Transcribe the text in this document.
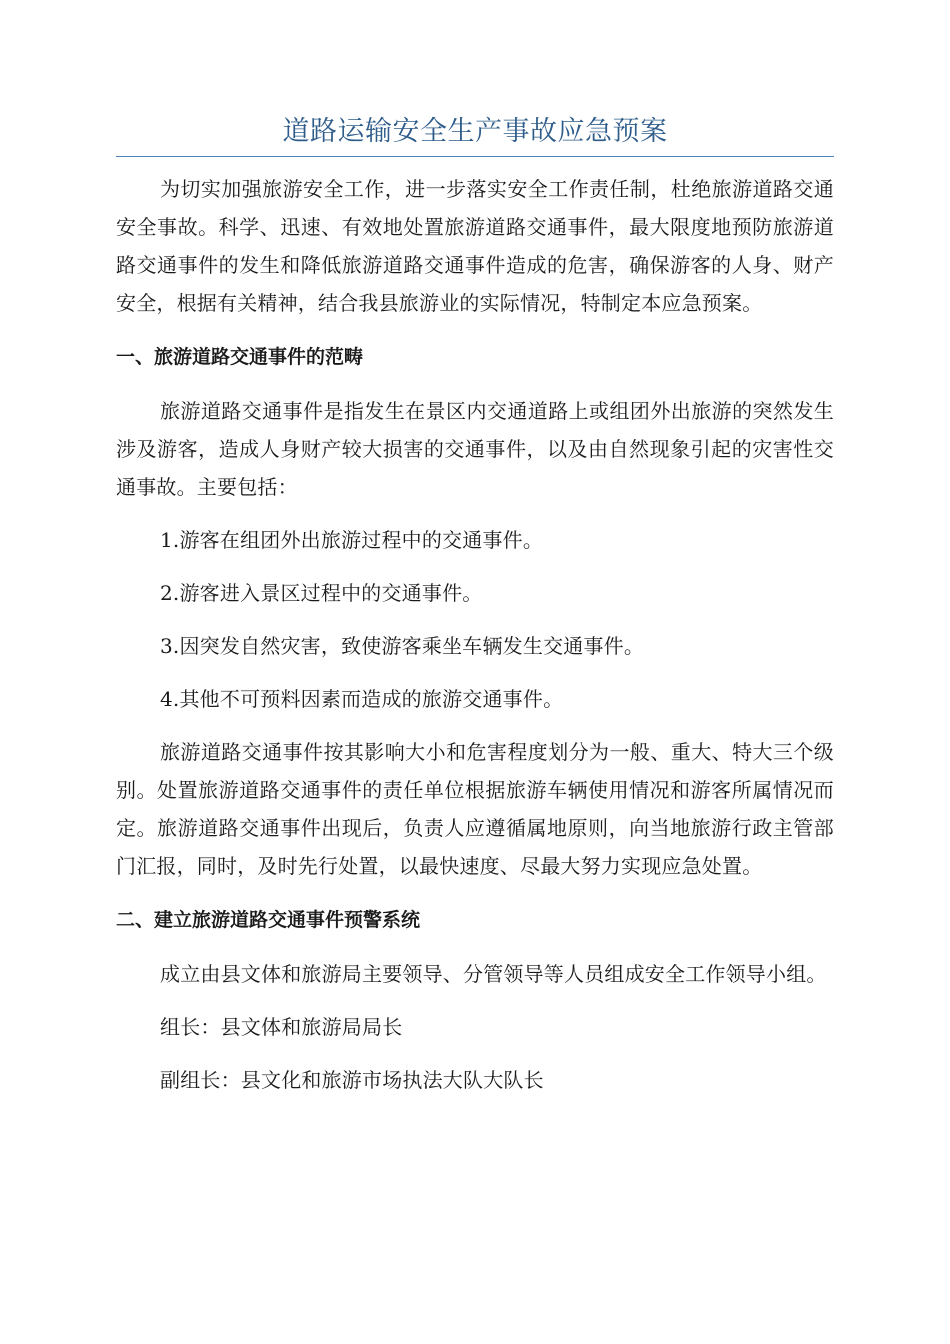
道路运输安全生产事故应急预案

为切实加强旅游安全工作，进一步落实安全工作责任制，杜绝旅游道路交通安全事故。科学、迅速、有效地处置旅游道路交通事件，最大限度地预防旅游道路交通事件的发生和降低旅游道路交通事件造成的危害，确保游客的人身、财产安全，根据有关精神，结合我县旅游业的实际情况，特制定本应急预案。

一、旅游道路交通事件的范畴

旅游道路交通事件是指发生在景区内交通道路上或组团外出旅游的突然发生涉及游客，造成人身财产较大损害的交通事件，以及由自然现象引起的灾害性交通事故。主要包括：

1.游客在组团外出旅游过程中的交通事件。

2.游客进入景区过程中的交通事件。

3.因突发自然灾害，致使游客乘坐车辆发生交通事件。

4.其他不可预料因素而造成的旅游交通事件。

旅游道路交通事件按其影响大小和危害程度划分为一般、重大、特大三个级别。处置旅游道路交通事件的责任单位根据旅游车辆使用情况和游客所属情况而定。旅游道路交通事件出现后，负责人应遵循属地原则，向当地旅游行政主管部门汇报，同时，及时先行处置，以最快速度、尽最大努力实现应急处置。

二、建立旅游道路交通事件预警系统

成立由县文体和旅游局主要领导、分管领导等人员组成安全工作领导小组。

组长：县文体和旅游局局长

副组长：县文化和旅游市场执法大队大队长
